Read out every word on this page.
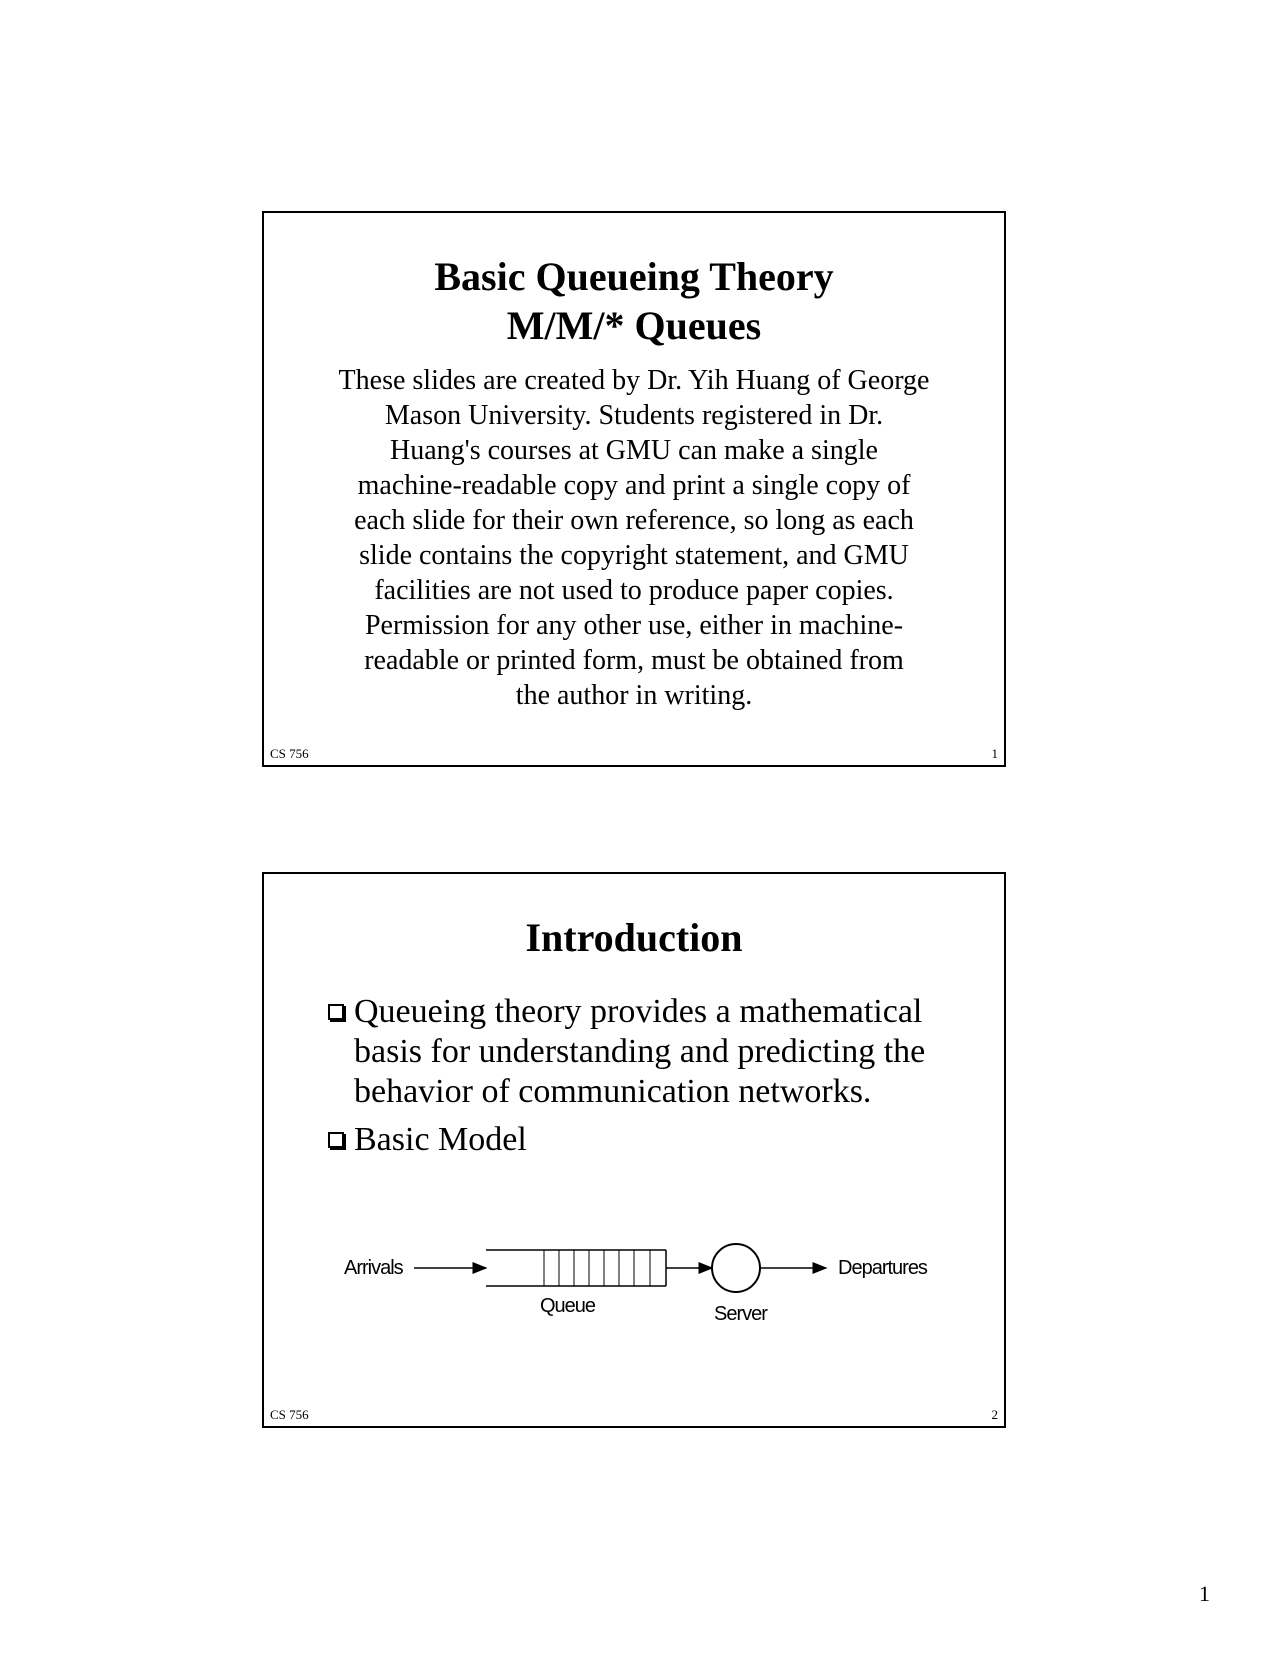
Basic Queueing Theory
M/M/* Queues

These slides are created by Dr. Yih Huang of George
Mason University. Students registered in Dr.
Huang's courses at GMU can make a single
machine-readable copy and print a single copy of
each slide for their own reference, so long as each
slide contains the copyright statement, and GMU
facilities are not used to produce paper copies.
Permission for any other use, either in machine-
readable or printed form, must be obtained from
the author in writing.

CS 756	1
Introduction
Queueing theory provides a mathematical basis for understanding and predicting the behavior of communication networks.
Basic Model
Arrivals
Queue	Server
Departures
CS 756	2
1
